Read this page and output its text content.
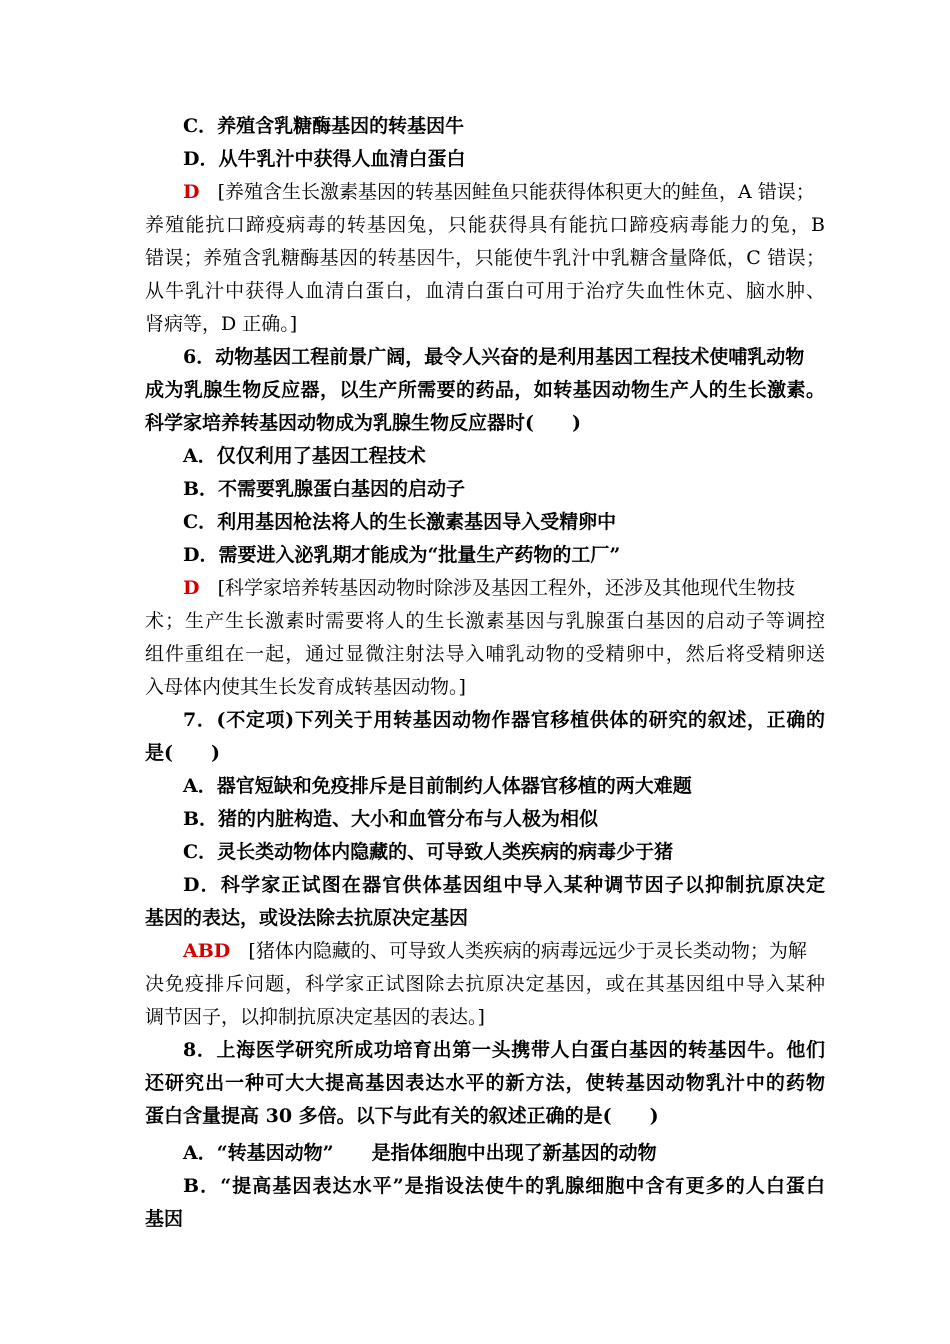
C．养殖含乳糖酶基因的转基因牛
D．从牛乳汁中获得人血清白蛋白
D [养殖含生长激素基因的转基因鲑鱼只能获得体积更大的鲑鱼，A 错误；
养殖能抗口蹄疫病毒的转基因兔，只能获得具有能抗口蹄疫病毒能力的兔，B
错误；养殖含乳糖酶基因的转基因牛，只能使牛乳汁中乳糖含量降低，C 错误；
从牛乳汁中获得人血清白蛋白，血清白蛋白可用于治疗失血性休克、脑水肿、
肾病等，D 正确。]
6．动物基因工程前景广阔，最令人兴奋的是利用基因工程技术使哺乳动物
成为乳腺生物反应器，以生产所需要的药品，如转基因动物生产人的生长激素。
科学家培养转基因动物成为乳腺生物反应器时(　　)
A．仅仅利用了基因工程技术
B．不需要乳腺蛋白基因的启动子
C．利用基因枪法将人的生长激素基因导入受精卵中
D．需要进入泌乳期才能成为“批量生产药物的工厂”
D [科学家培养转基因动物时除涉及基因工程外，还涉及其他现代生物技
术；生产生长激素时需要将人的生长激素基因与乳腺蛋白基因的启动子等调控
组件重组在一起，通过显微注射法导入哺乳动物的受精卵中，然后将受精卵送
入母体内使其生长发育成转基因动物。]
7．(不定项)下列关于用转基因动物作器官移植供体的研究的叙述，正确的
是(　　)
A．器官短缺和免疫排斥是目前制约人体器官移植的两大难题
B．猪的内脏构造、大小和血管分布与人极为相似
C．灵长类动物体内隐藏的、可导致人类疾病的病毒少于猪
D．科学家正试图在器官供体基因组中导入某种调节因子以抑制抗原决定
基因的表达，或设法除去抗原决定基因
ABD [猪体内隐藏的、可导致人类疾病的病毒远远少于灵长类动物；为解
决免疫排斥问题，科学家正试图除去抗原决定基因，或在其基因组中导入某种
调节因子，以抑制抗原决定基因的表达。]
8．上海医学研究所成功培育出第一头携带人白蛋白基因的转基因牛。他们
还研究出一种可大大提高基因表达水平的新方法，使转基因动物乳汁中的药物
蛋白含量提高 30 多倍。以下与此有关的叙述正确的是(　　)
A．“转基因动物”　　是指体细胞中出现了新基因的动物
B．“提高基因表达水平”是指设法使牛的乳腺细胞中含有更多的人白蛋白
基因
